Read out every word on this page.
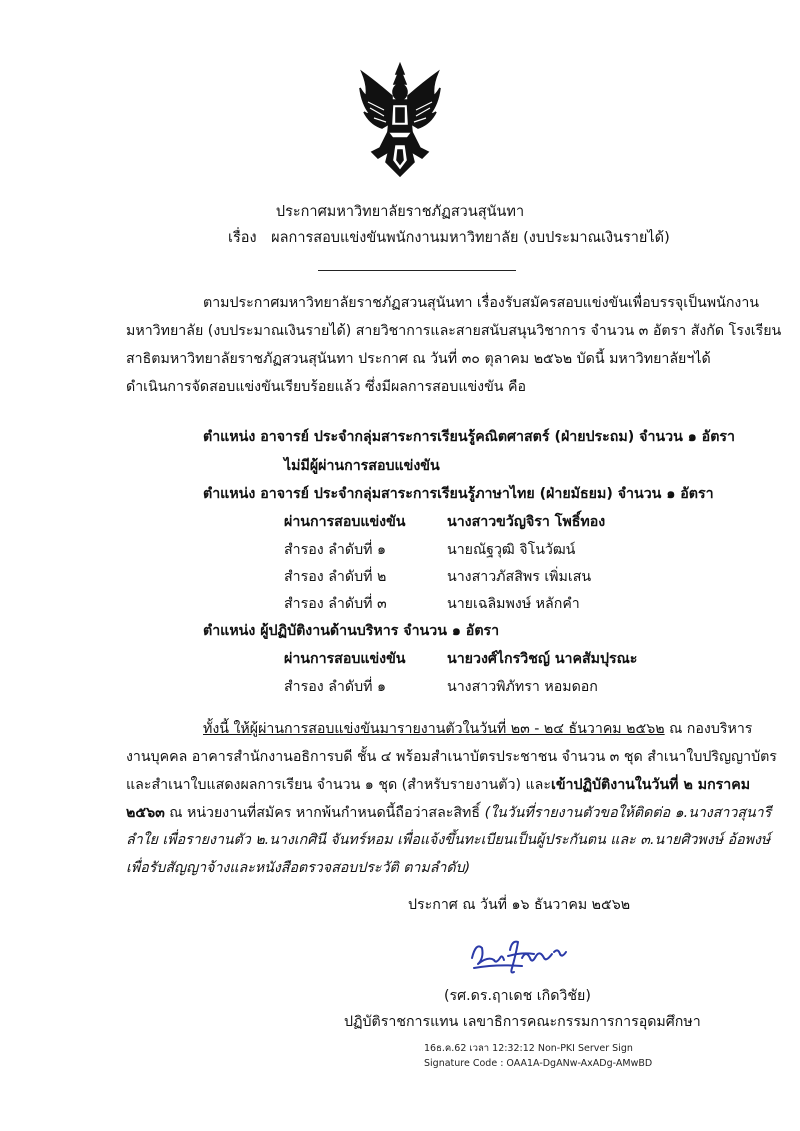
ประกาศมหาวิทยาลัยราชภัฏสวนสุนันทา
เรื่อง ผลการสอบแข่งขันพนักงานมหาวิทยาลัย (งบประมาณเงินรายได้)
ตามประกาศมหาวิทยาลัยราชภัฏสวนสุนันทา เรื่องรับสมัครสอบแข่งขันเพื่อบรรจุเป็นพนักงาน
มหาวิทยาลัย (งบประมาณเงินรายได้) สายวิชาการและสายสนับสนุนวิชาการ จำนวน ๓ อัตรา สังกัด โรงเรียน
สาธิตมหาวิทยาลัยราชภัฏสวนสุนันทา ประกาศ ณ วันที่ ๓๐ ตุลาคม ๒๕๖๒ บัดนี้ มหาวิทยาลัยฯได้
ดำเนินการจัดสอบแข่งขันเรียบร้อยแล้ว ซึ่งมีผลการสอบแข่งขัน คือ
ตำแหน่ง อาจารย์ ประจำกลุ่มสาระการเรียนรู้คณิตศาสตร์ (ฝ่ายประถม) จำนวน ๑ อัตรา
ไม่มีผู้ผ่านการสอบแข่งขัน
ตำแหน่ง อาจารย์ ประจำกลุ่มสาระการเรียนรู้ภาษาไทย (ฝ่ายมัธยม) จำนวน ๑ อัตรา
ผ่านการสอบแข่งขัน	นางสาวขวัญจิรา โพธิ์ทอง
สำรอง ลำดับที่ ๑	นายณัฐวุฒิ จิโนวัฒน์
สำรอง ลำดับที่ ๒	นางสาวภัสสิพร เพิ่มเสน
สำรอง ลำดับที่ ๓	นายเฉลิมพงษ์ หลักคำ
ตำแหน่ง ผู้ปฏิบัติงานด้านบริหาร จำนวน ๑ อัตรา
ผ่านการสอบแข่งขัน	นายวงศ์ไกรวิชญ์ นาคสัมปุรณะ
สำรอง ลำดับที่ ๑	นางสาวพิภัทรา หอมดอก
ทั้งนี้ ให้ผู้ผ่านการสอบแข่งขันมารายงานตัวในวันที่ ๒๓ - ๒๔ ธันวาคม ๒๕๖๒ ณ กองบริหาร
งานบุคคล อาคารสำนักงานอธิการบดี ชั้น ๔ พร้อมสำเนาบัตรประชาชน จำนวน ๓ ชุด สำเนาใบปริญญาบัตร
และสำเนาใบแสดงผลการเรียน จำนวน ๑ ชุด (สำหรับรายงานตัว) และเข้าปฏิบัติงานในวันที่ ๒ มกราคม
๒๕๖๓ ณ หน่วยงานที่สมัคร หากพ้นกำหนดนี้ถือว่าสละสิทธิ์ (ในวันที่รายงานตัวขอให้ติดต่อ ๑.นางสาวสุนารี
ลำใย เพื่อรายงานตัว ๒.นางเกศินี จันทร์หอม เพื่อแจ้งขึ้นทะเบียนเป็นผู้ประกันตน และ ๓.นายศิวพงษ์ อ้อพงษ์
เพื่อรับสัญญาจ้างและหนังสือตรวจสอบประวัติ ตามลำดับ)
ประกาศ ณ วันที่ ๑๖ ธันวาคม ๒๕๖๒
(รศ.ดร.ฤาเดช เกิดวิชัย)
ปฏิบัติราชการแทน เลขาธิการคณะกรรมการการอุดมศึกษา
16ธ.ค.62 เวลา 12:32:12 Non-PKI Server Sign
Signature Code : OAA1A-DgANw-AxADg-AMwBD
